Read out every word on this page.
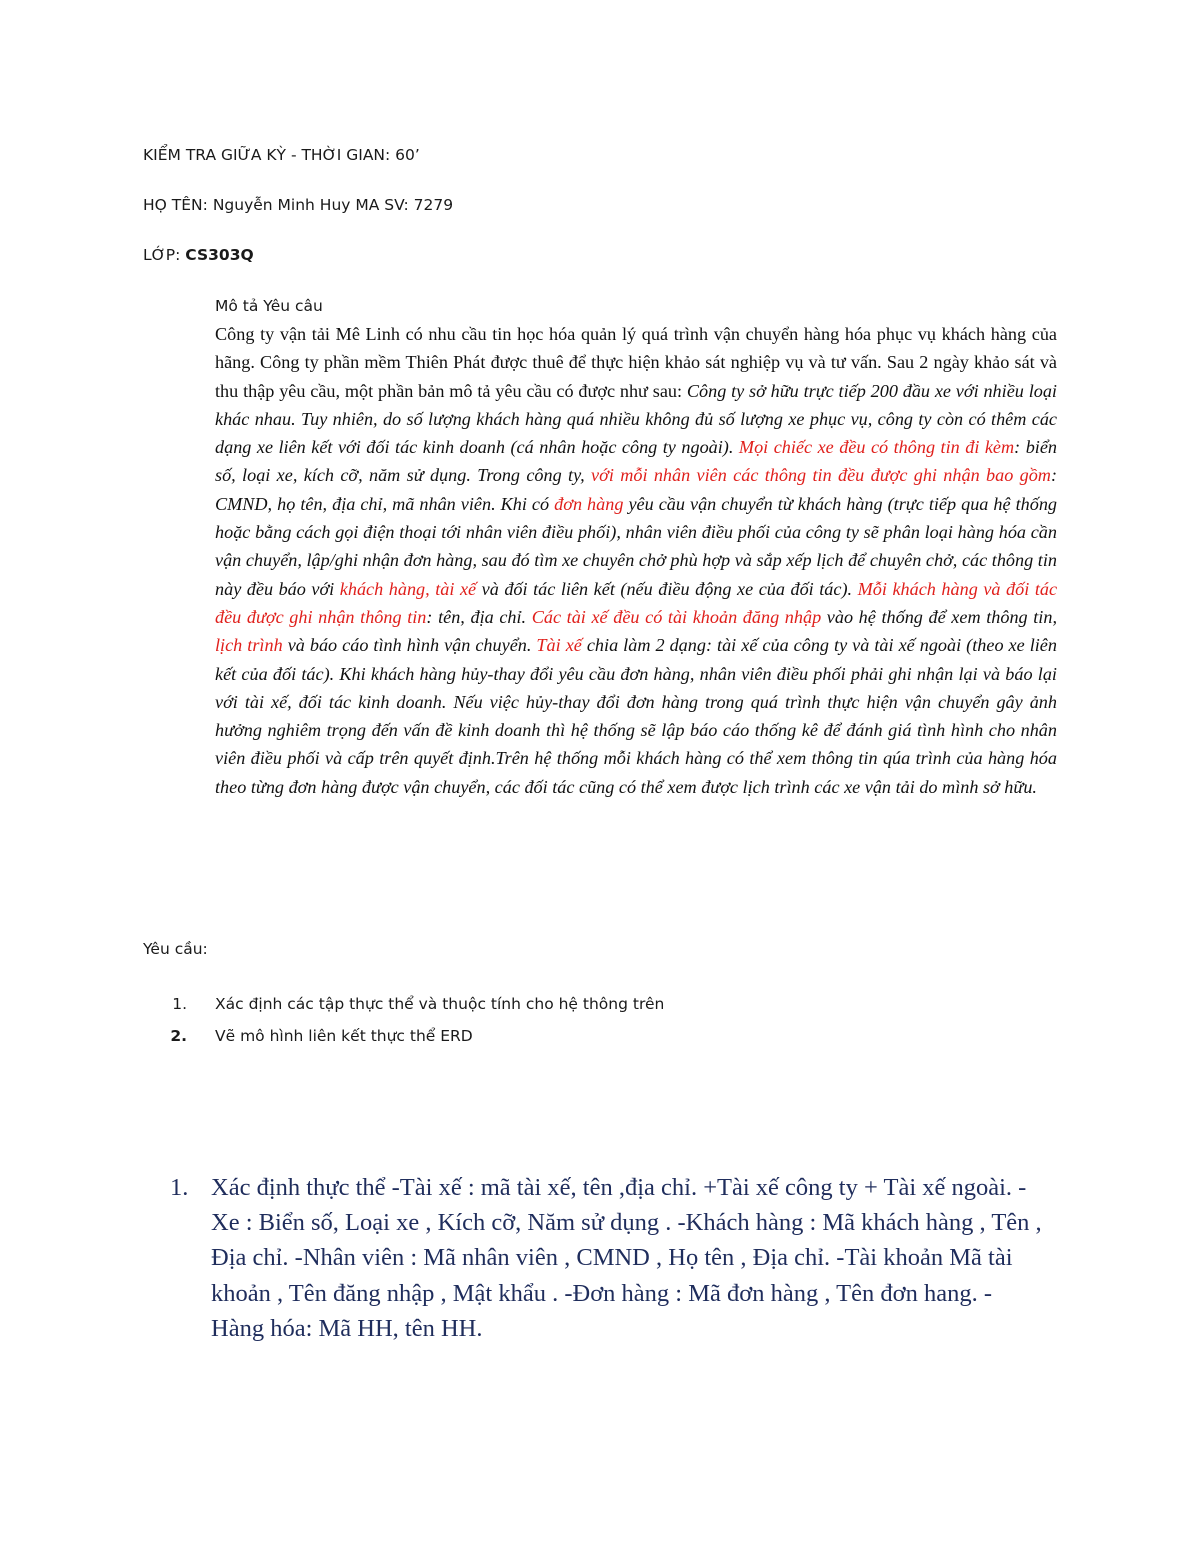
KIỂM TRA GIỮA KỲ - THỜI GIAN: 60’
HỌ TÊN: Nguyễn Minh Huy MA SV: 7279
LỚP: CS303Q
Mô tả Yêu câu

Công ty vận tải Mê Linh có nhu cầu tin học hóa quản lý quá trình vận chuyển hàng hóa phục vụ khách hàng của hãng. Công ty phần mềm Thiên Phát được thuê để thực hiện khảo sát nghiệp vụ và tư vấn. Sau 2 ngày khảo sát và thu thập yêu cầu, một phần bản mô tả yêu cầu có được như sau: Công ty sở hữu trực tiếp 200 đầu xe với nhiều loại khác nhau. Tuy nhiên, do số lượng khách hàng quá nhiều không đủ số lượng xe phục vụ, công ty còn có thêm các dạng xe liên kết với đối tác kinh doanh (cá nhân hoặc công ty ngoài). Mọi chiếc xe đều có thông tin đi kèm: biển số, loại xe, kích cỡ, năm sử dụng. Trong công ty, với mỗi nhân viên các thông tin đều được ghi nhận bao gồm: CMND, họ tên, địa chỉ, mã nhân viên. Khi có đơn hàng yêu cầu vận chuyển từ khách hàng (trực tiếp qua hệ thống hoặc bằng cách gọi điện thoại tới nhân viên điều phối), nhân viên điều phối của công ty sẽ phân loại hàng hóa cần vận chuyển, lập/ghi nhận đơn hàng, sau đó tìm xe chuyên chở phù hợp và sắp xếp lịch để chuyên chở, các thông tin này đều báo với khách hàng, tài xế và đối tác liên kết (nếu điều động xe của đối tác). Mỗi khách hàng và đối tác đều được ghi nhận thông tin: tên, địa chỉ. Các tài xế đều có tài khoản đăng nhập vào hệ thống để xem thông tin, lịch trình và báo cáo tình hình vận chuyển. Tài xế chia làm 2 dạng: tài xế của công ty và tài xế ngoài (theo xe liên kết của đối tác). Khi khách hàng hủy-thay đổi yêu cầu đơn hàng, nhân viên điều phối phải ghi nhận lại và báo lại với tài xế, đối tác kinh doanh. Nếu việc hủy-thay đổi đơn hàng trong quá trình thực hiện vận chuyển gây ảnh hưởng nghiêm trọng đến vấn đề kinh doanh thì hệ thống sẽ lập báo cáo thống kê để đánh giá tình hình cho nhân viên điều phối và cấp trên quyết định.Trên hệ thống mỗi khách hàng có thể xem thông tin qúa trình của hàng hóa theo từng đơn hàng được vận chuyển, các đối tác cũng có thể xem được lịch trình các xe vận tải do mình sở hữu.

Yêu cầu:
1. Xác định các tập thực thể và thuộc tính cho hệ thông trên
2. Vẽ mô hình liên kết thực thể ERD
1. Xác định thực thể -Tài xế : mã tài xế, tên ,địa chỉ. +Tài xế công ty + Tài xế ngoài. -Xe : Biển số, Loại xe , Kích cỡ, Năm sử dụng . -Khách hàng : Mã khách hàng , Tên , Địa chỉ. -Nhân viên : Mã nhân viên , CMND , Họ tên , Địa chỉ. -Tài khoản Mã tài khoản , Tên đăng nhập , Mật khẩu . -Đơn hàng : Mã đơn hàng , Tên đơn hang. - Hàng hóa: Mã HH, tên HH.
